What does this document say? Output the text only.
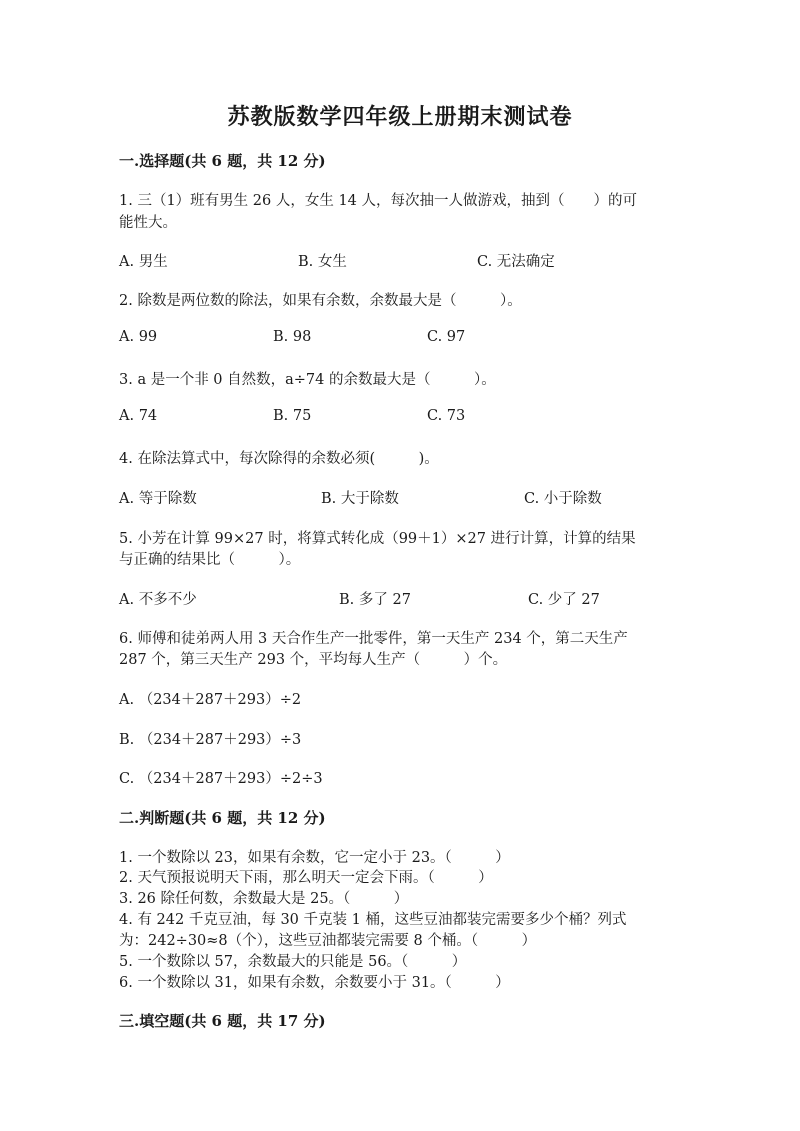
苏教版数学四年级上册期末测试卷
一.选择题(共 6 题，共 12 分)
1. 三（1）班有男生 26 人，女生 14 人，每次抽一人做游戏，抽到（　　）的可
能性大。
A. 男生	B. 女生	C. 无法确定
2. 除数是两位数的除法，如果有余数，余数最大是（　　　）。
A. 99	B. 98	C. 97
3. a 是一个非 0 自然数，a÷74 的余数最大是（　　　）。
A. 74	B. 75	C. 73
4. 在除法算式中，每次除得的余数必须(　　　)。
A. 等于除数	B. 大于除数	C. 小于除数
5. 小芳在计算 99×27 时，将算式转化成（99＋1）×27 进行计算，计算的结果
与正确的结果比（　　　）。
A. 不多不少	B. 多了 27	C. 少了 27
6. 师傅和徒弟两人用 3 天合作生产一批零件，第一天生产 234 个，第二天生产
287 个，第三天生产 293 个，平均每人生产（　　　）个。
A. （234＋287＋293）÷2
B. （234＋287＋293）÷3
C. （234＋287＋293）÷2÷3
二.判断题(共 6 题，共 12 分)
1. 一个数除以 23，如果有余数，它一定小于 23。（　　　）
2. 天气预报说明天下雨，那么明天一定会下雨。（　　　）
3. 26 除任何数，余数最大是 25。（　　　）
4. 有 242 千克豆油，每 30 千克装 1 桶，这些豆油都装完需要多少个桶？列式
为：242÷30≈8（个），这些豆油都装完需要 8 个桶。（　　　）
5. 一个数除以 57，余数最大的只能是 56。（　　　）
6. 一个数除以 31，如果有余数，余数要小于 31。（　　　）
三.填空题(共 6 题，共 17 分)
